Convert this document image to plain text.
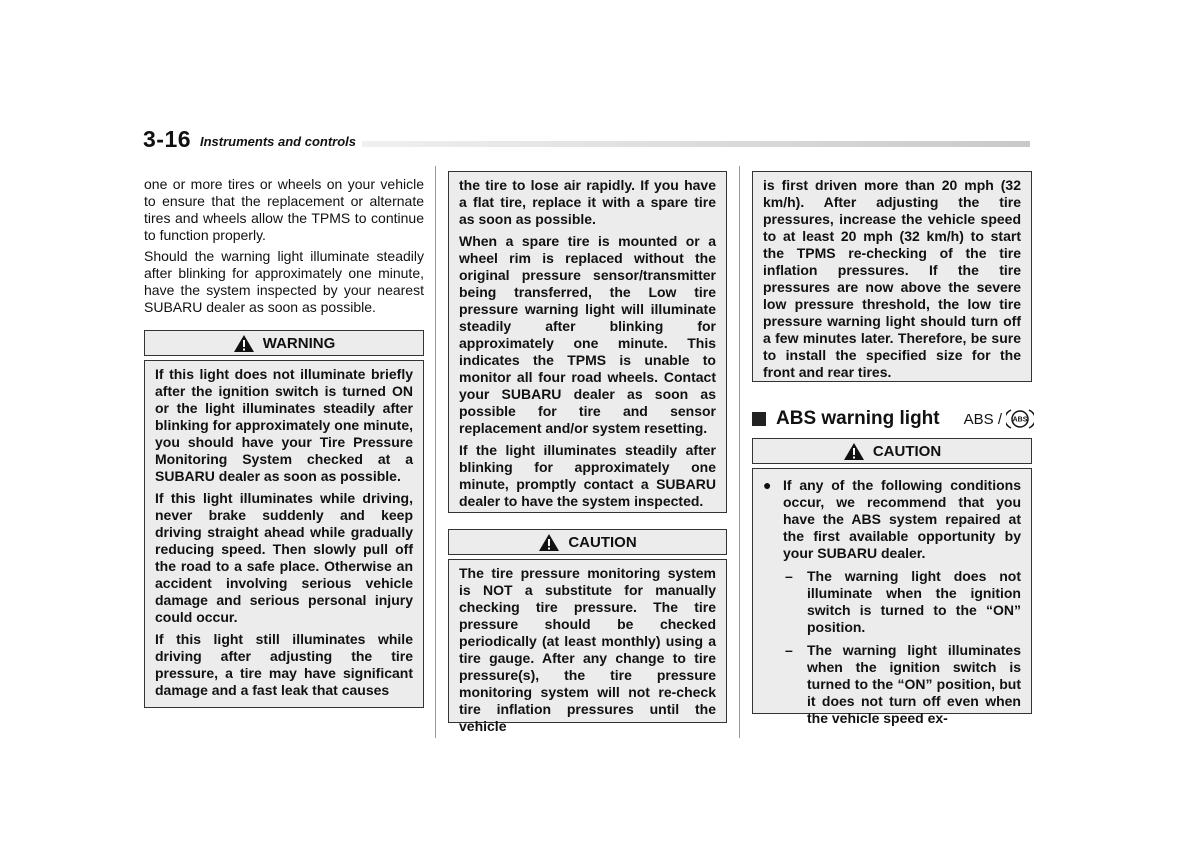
3-16 Instruments and controls

one or more tires or wheels on your vehicle to ensure that the replacement or alternate tires and wheels allow the TPMS to continue to function properly.

Should the warning light illuminate steadily after blinking for approximately one minute, have the system inspected by your nearest SUBARU dealer as soon as possible.

WARNING

If this light does not illuminate briefly after the ignition switch is turned ON or the light illuminates steadily after blinking for approximately one minute, you should have your Tire Pressure Monitoring System checked at a SUBARU dealer as soon as possible.

If this light illuminates while driving, never brake suddenly and keep driving straight ahead while gradually reducing speed. Then slowly pull off the road to a safe place. Otherwise an accident involving serious vehicle damage and serious personal injury could occur.

If this light still illuminates while driving after adjusting the tire pressure, a tire may have significant damage and a fast leak that causes

the tire to lose air rapidly. If you have a flat tire, replace it with a spare tire as soon as possible.

When a spare tire is mounted or a wheel rim is replaced without the original pressure sensor/transmitter being transferred, the Low tire pressure warning light will illuminate steadily after blinking for approximately one minute. This indicates the TPMS is unable to monitor all four road wheels. Contact your SUBARU dealer as soon as possible for tire and sensor replacement and/or system resetting.

If the light illuminates steadily after blinking for approximately one minute, promptly contact a SUBARU dealer to have the system inspected.

CAUTION

The tire pressure monitoring system is NOT a substitute for manually checking tire pressure. The tire pressure should be checked periodically (at least monthly) using a tire gauge. After any change to tire pressure(s), the tire pressure monitoring system will not re-check tire inflation pressures until the vehicle

is first driven more than 20 mph (32 km/h). After adjusting the tire pressures, increase the vehicle speed to at least 20 mph (32 km/h) to start the TPMS re-checking of the tire inflation pressures. If the tire pressures are now above the severe low pressure threshold, the low tire pressure warning light should turn off a few minutes later. Therefore, be sure to install the specified size for the front and rear tires.

ABS warning light ABS / ABS
CAUTION
● If any of the following conditions occur, we recommend that you have the ABS system repaired at the first available opportunity by your SUBARU dealer.
–	The warning light does not illuminate when the ignition switch is turned to the “ON” position.
–	The warning light illuminates when the ignition switch is turned to the “ON” position, but it does not turn off even when the vehicle speed ex-
